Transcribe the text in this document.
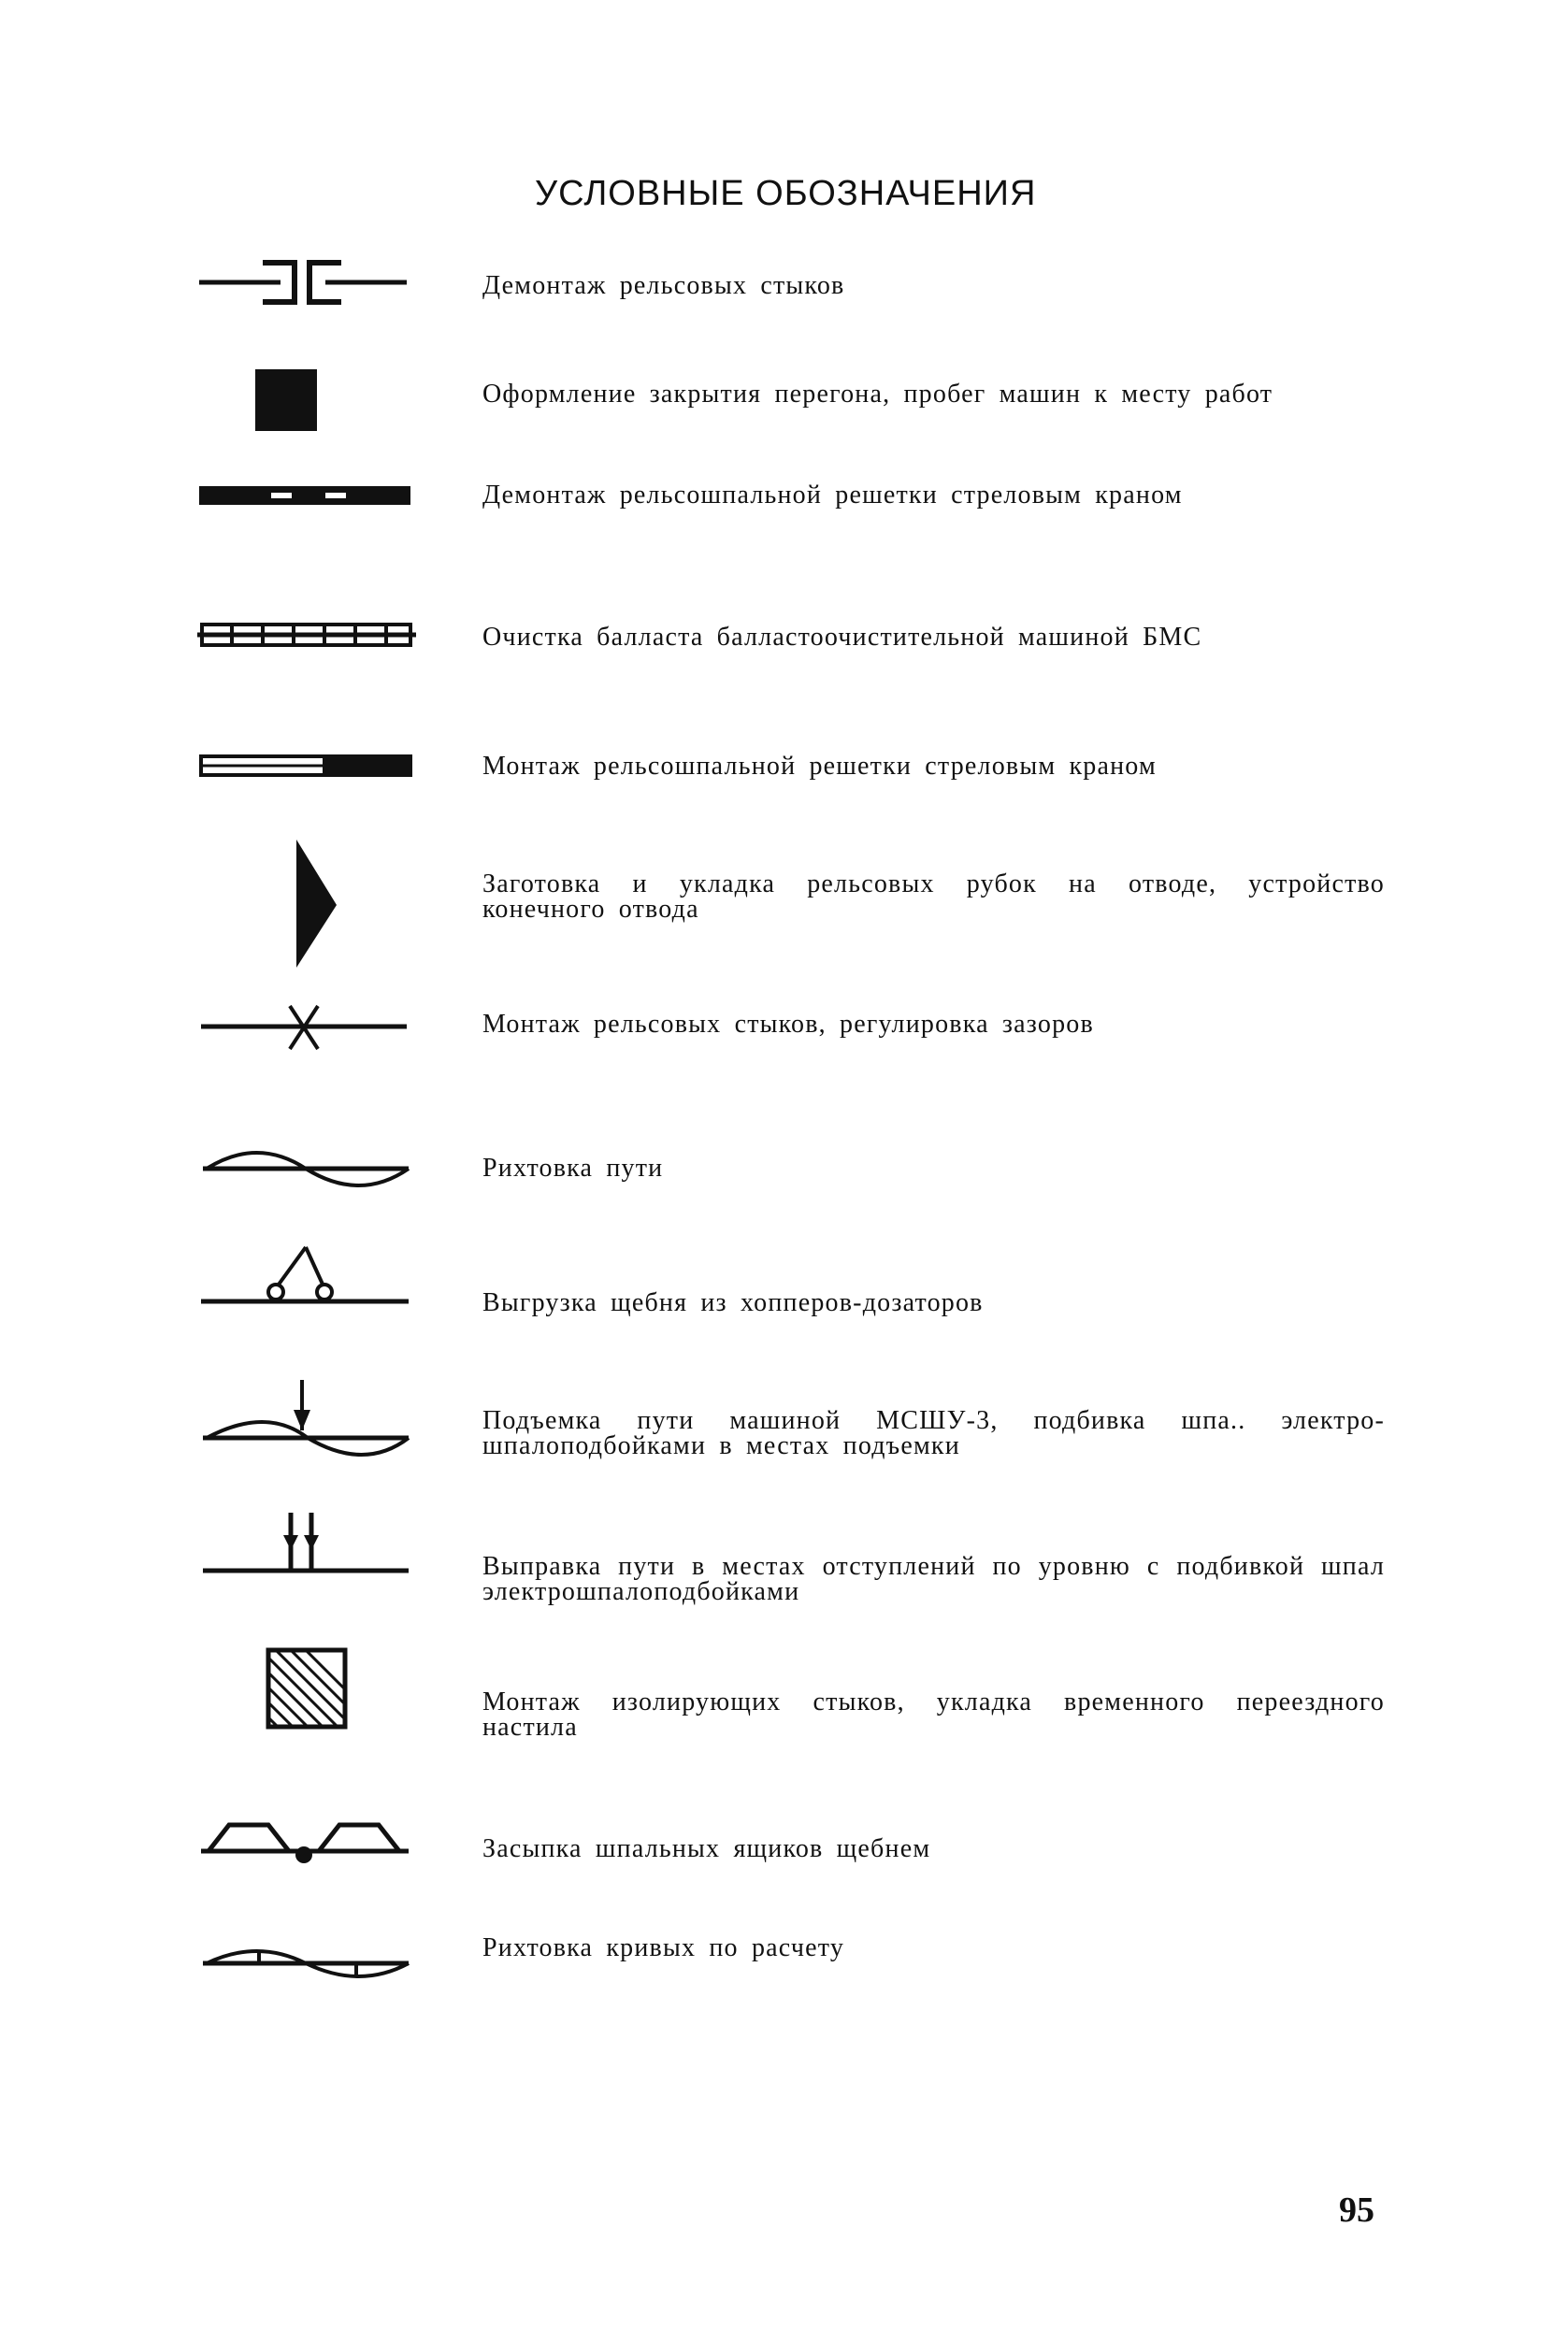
УСЛОВНЫЕ ОБОЗНАЧЕНИЯ
Демонтаж рельсовых стыков
Оформление закрытия перегона, пробег машин к месту работ
Демонтаж рельсошпальной решетки стреловым краном
Очистка балласта балластоочистительной машиной БМС
Монтаж рельсошпальной решетки стреловым краном
Заготовка и укладка рельсовых рубок на отводе, устройство конечного отвода
Монтаж рельсовых стыков, регулировка зазоров
Рихтовка пути
Выгрузка щебня из хопперов-дозаторов
Подъемка пути машиной МСШУ-3, подбивка шпа.. электро-шпалоподбойками в местах подъемки
Выправка пути в местах отступлений по уровню с подбивкой шпал электрошпалоподбойками
Монтаж изолирующих стыков, укладка временного переездного настила
Засыпка шпальных ящиков щебнем
Рихтовка кривых по расчету
95
